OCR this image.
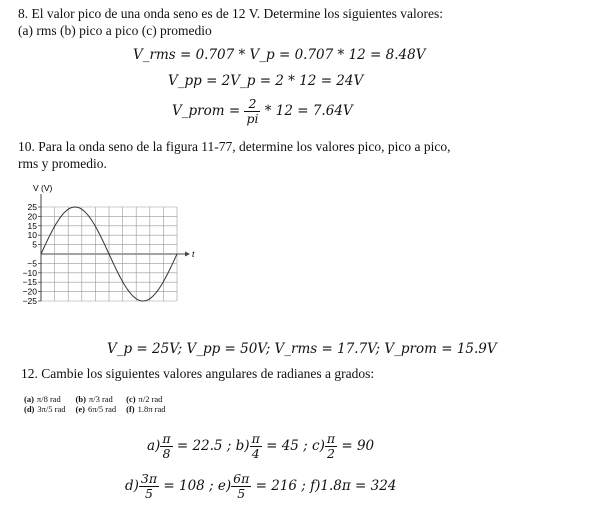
8. El valor pico de una onda seno es de 12 V. Determine los siguientes valores:
(a) rms (b) pico a pico (c) promedio
V_rms = 0.707 * V_p = 0.707 * 12 = 8.48V
V_pp = 2V_p = 2 * 12 = 24V
V_prom = $\frac{2}{pi} * 12 = 7.64V$
10. Para la onda seno de la figura 11-77, determine los valores pico, pico a pico,
rms y promedio.
V (V)
25
20
15
10
5
−5
−10
−15
−20
−25
t
V_p = 25V; V_pp = 50V; V_rms = 17.7V; V_prom = 15.9V
12. Cambie los siguientes valores angulares de radianes a grados:
(a) π/8 rad	(b) π/3 rad	(c) π/2 rad
(d) 3π/5 rad	(e) 6π/5 rad	(f) 1.8π rad
$a) \frac{\pi}{8} = 22.5$ ; $b) \frac{\pi}{4} = 45$ ; $c) \frac{\pi}{2} = 90$
$d) \frac{3\pi}{5} = 108$ ; $e) \frac{6\pi}{5} = 216$ ; f)1.8π = 324
